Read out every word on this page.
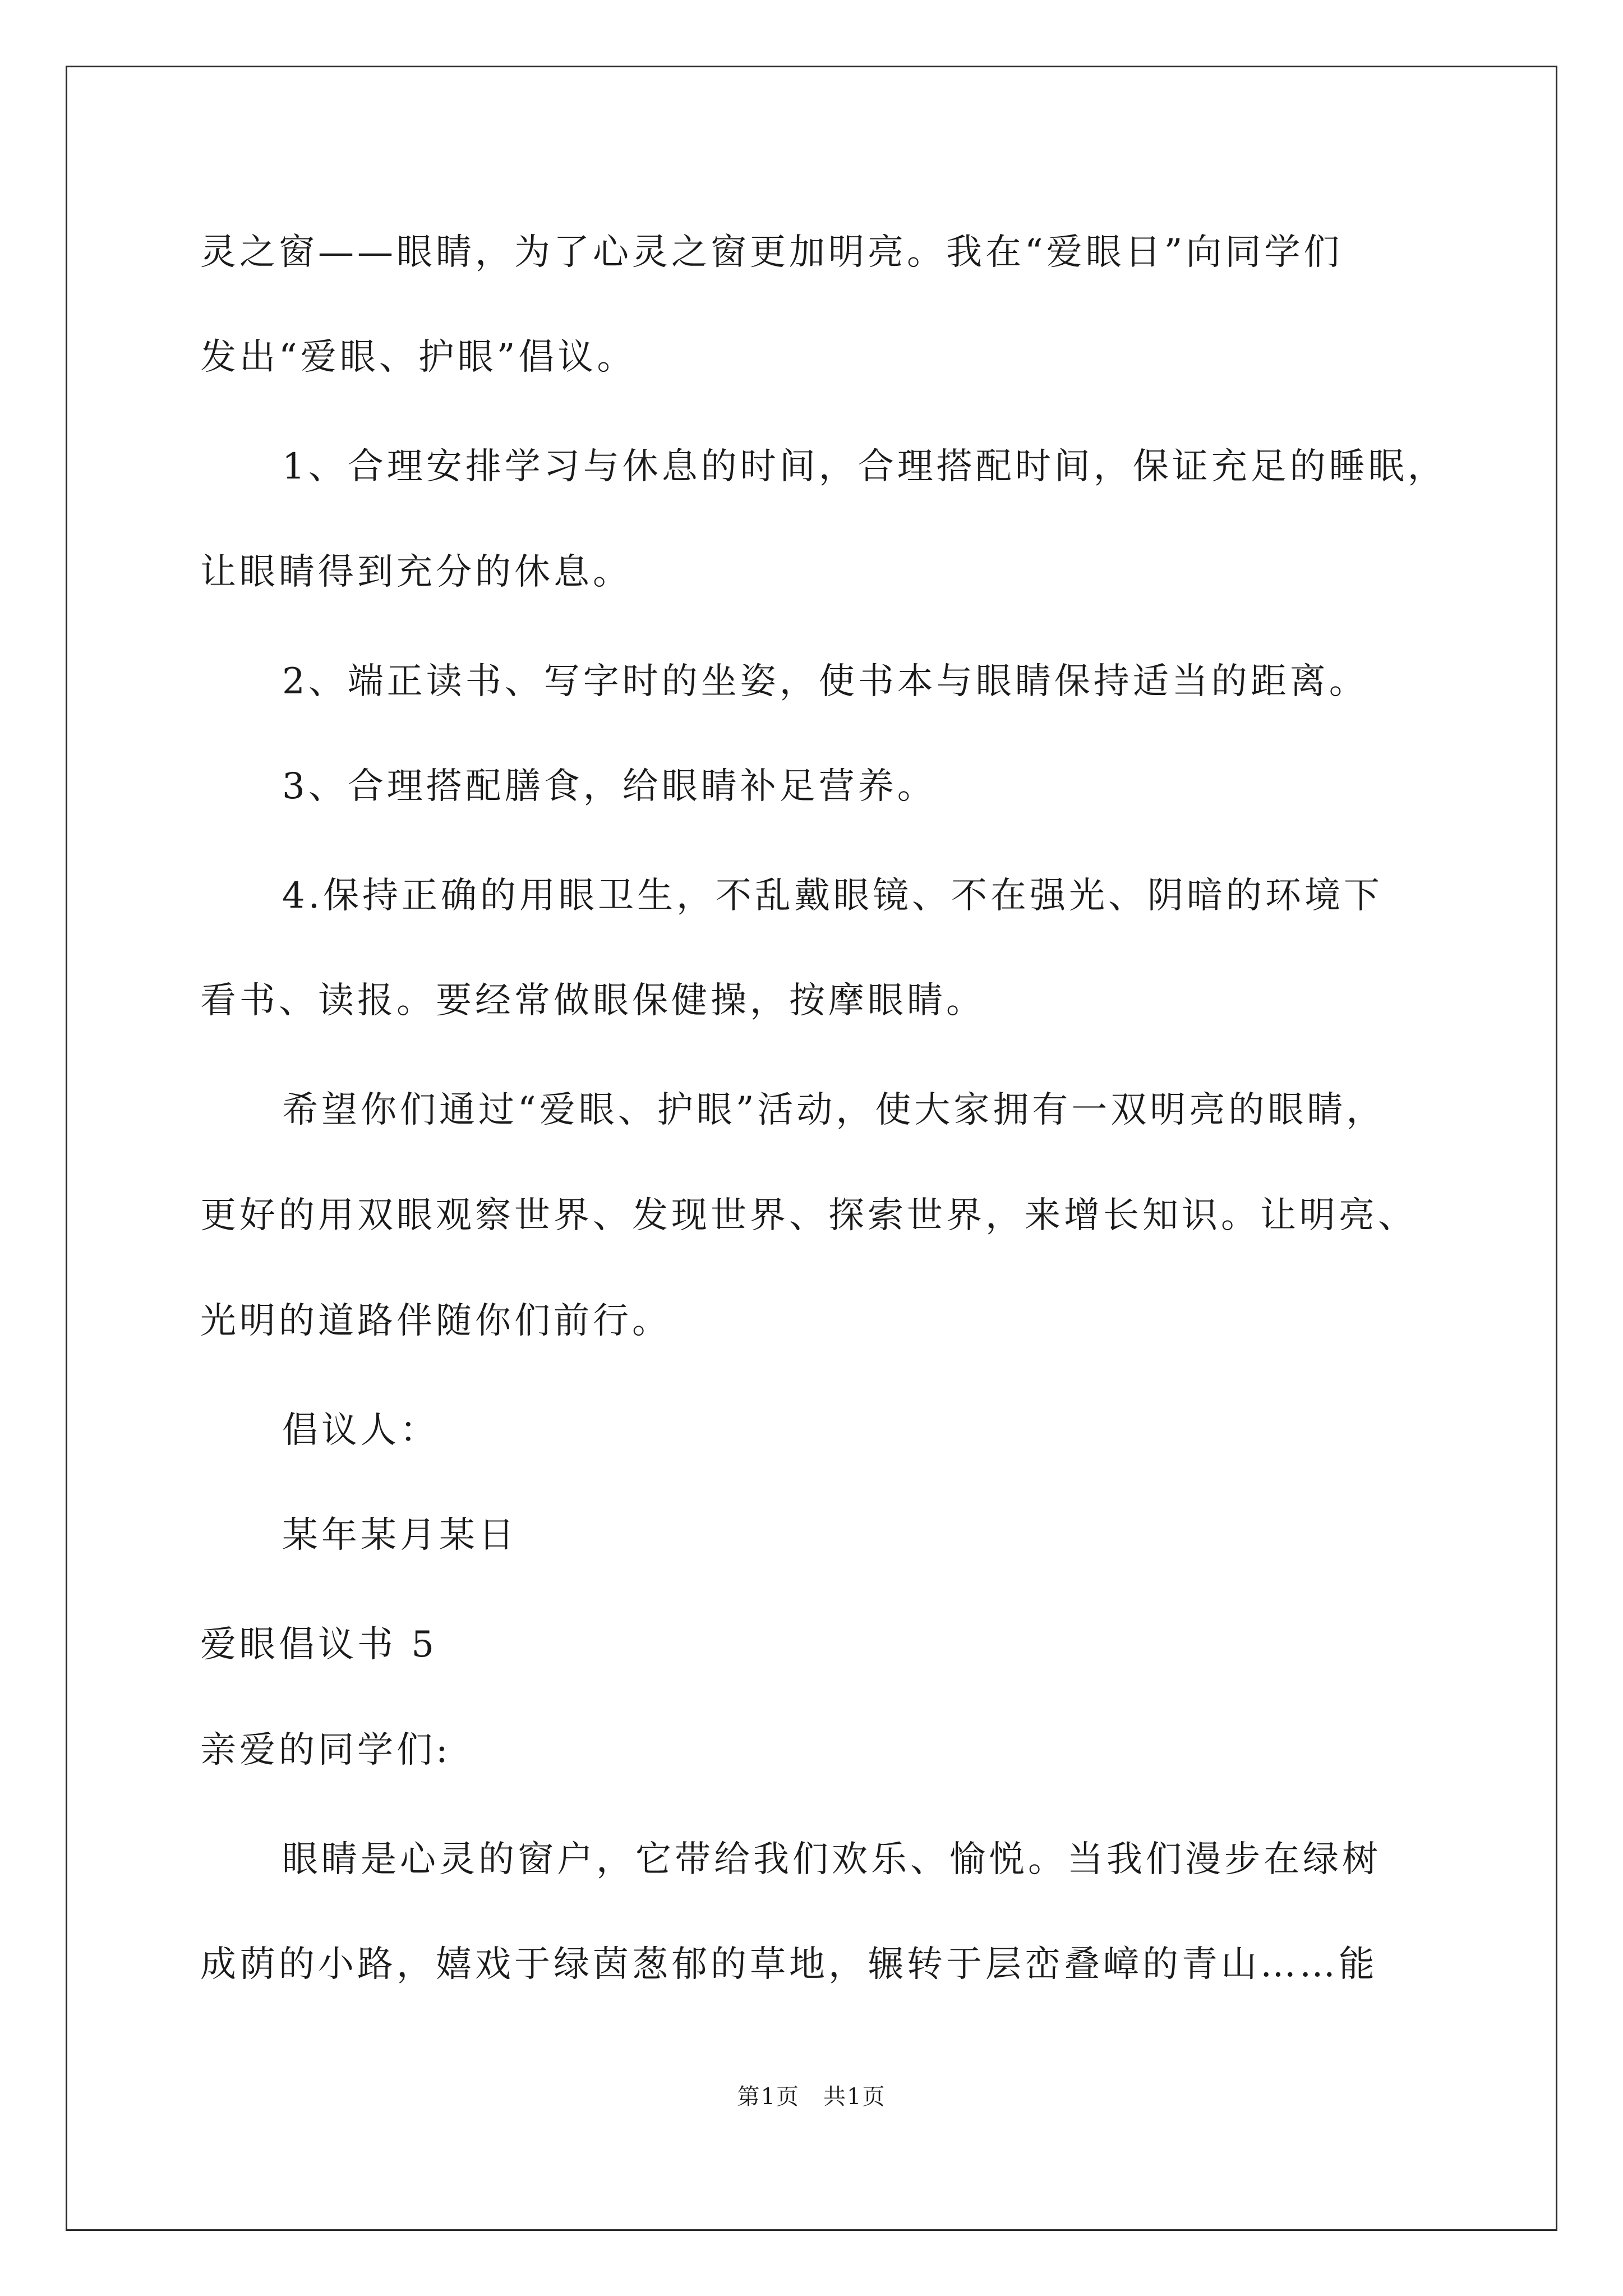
灵之窗——眼睛，为了心灵之窗更加明亮。我在“爱眼日”向同学们
发出“爱眼、护眼”倡议。
1、合理安排学习与休息的时间，合理搭配时间，保证充足的睡眠，
让眼睛得到充分的休息。
2、端正读书、写字时的坐姿，使书本与眼睛保持适当的距离。
3、合理搭配膳食，给眼睛补足营养。
4.保持正确的用眼卫生，不乱戴眼镜、不在强光、阴暗的环境下
看书、读报。要经常做眼保健操，按摩眼睛。
希望你们通过“爱眼、护眼”活动，使大家拥有一双明亮的眼睛，
更好的用双眼观察世界、发现世界、探索世界，来增长知识。让明亮、
光明的道路伴随你们前行。
倡议人：
某年某月某日
爱眼倡议书 5
亲爱的同学们:
眼睛是心灵的窗户，它带给我们欢乐、愉悦。当我们漫步在绿树
成荫的小路，嬉戏于绿茵葱郁的草地，辗转于层峦叠嶂的青山……能
第1页　共1页
